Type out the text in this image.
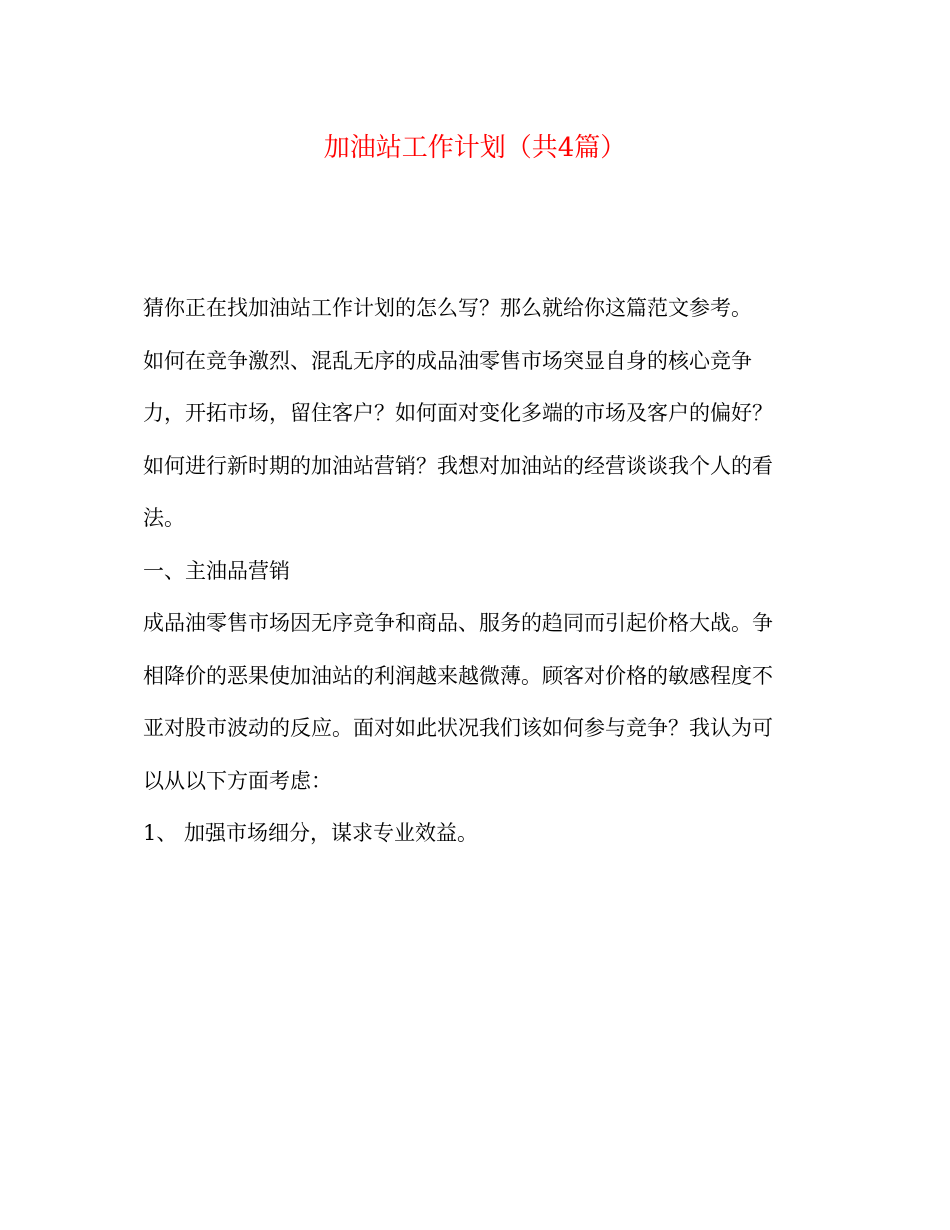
加油站工作计划（共4篇）

猜你正在找加油站工作计划的怎么写？那么就给你这篇范文参考。

如何在竞争激烈、混乱无序的成品油零售市场突显自身的核心竞争

力，开拓市场，留住客户？如何面对变化多端的市场及客户的偏好？

如何进行新时期的加油站营销？我想对加油站的经营谈谈我个人的看

法。

一、主油品营销

成品油零售市场因无序竞争和商品、服务的趋同而引起价格大战。争

相降价的恶果使加油站的利润越来越微薄。顾客对价格的敏感程度不

亚对股市波动的反应。面对如此状况我们该如何参与竞争？我认为可

以从以下方面考虑：

1、 加强市场细分，谋求专业效益。
